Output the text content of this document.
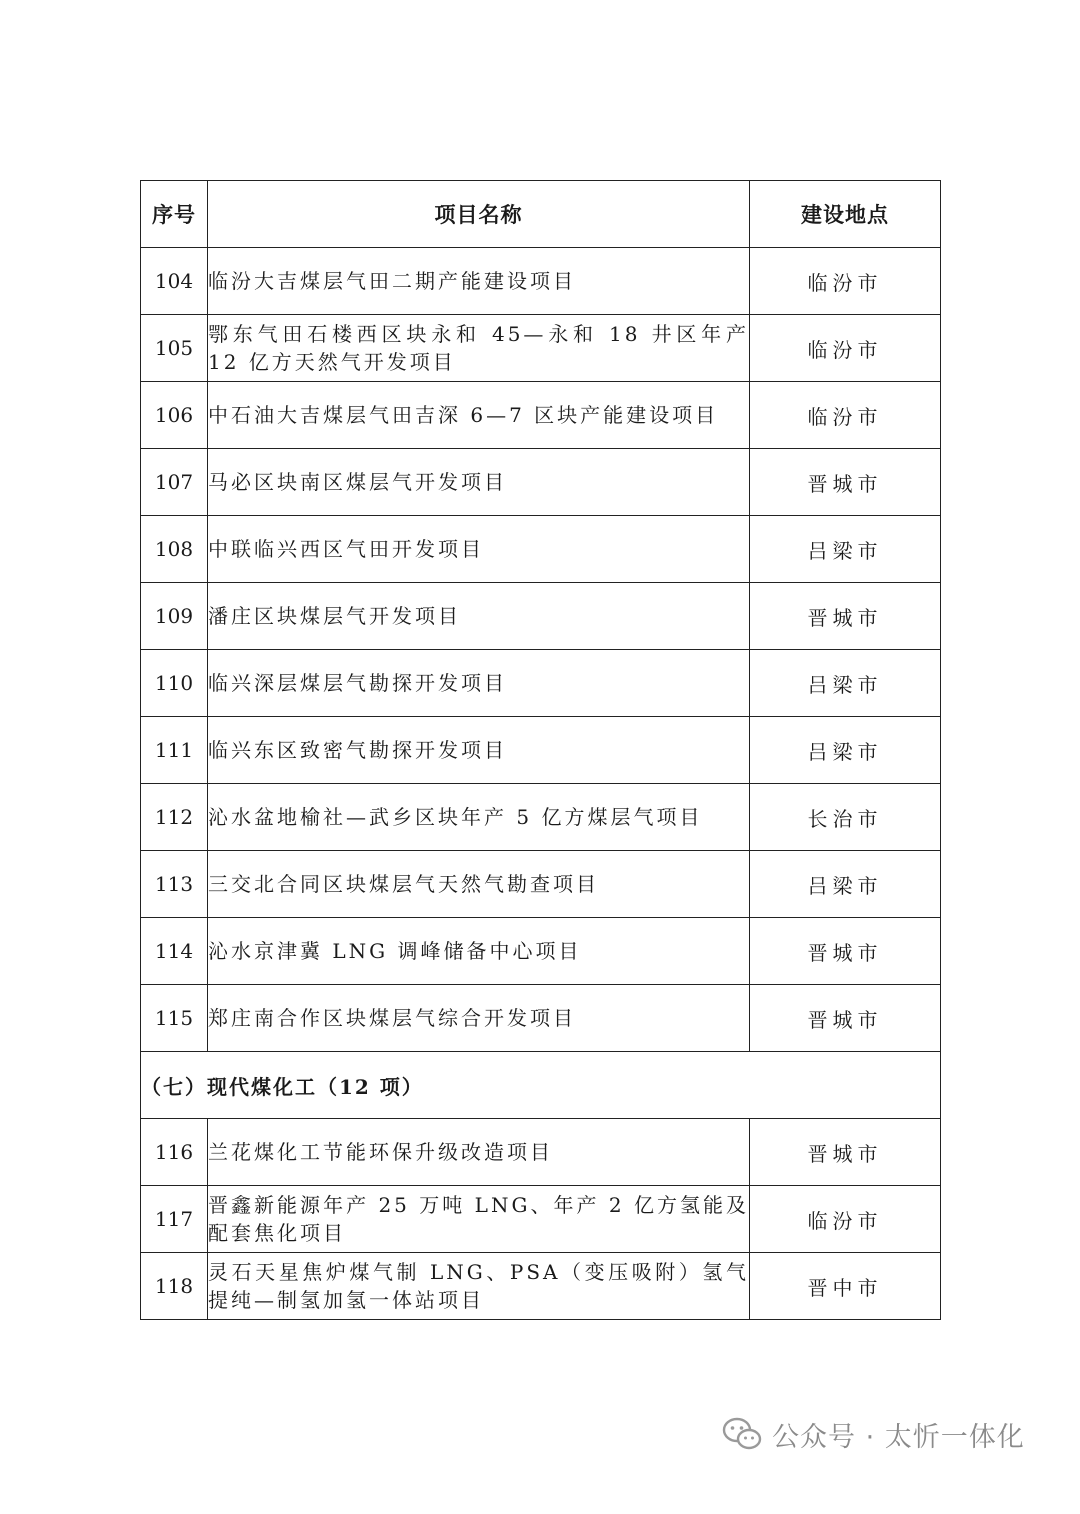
序号	项目名称	建设地点
104	临汾大吉煤层气田二期产能建设项目	临汾市
105	鄂东气田石楼西区块永和 45—永和 18 井区年产 12 亿方天然气开发项目	临汾市
106	中石油大吉煤层气田吉深 6—7 区块产能建设项目	临汾市
107	马必区块南区煤层气开发项目	晋城市
108	中联临兴西区气田开发项目	吕梁市
109	潘庄区块煤层气开发项目	晋城市
110	临兴深层煤层气勘探开发项目	吕梁市
111	临兴东区致密气勘探开发项目	吕梁市
112	沁水盆地榆社—武乡区块年产 5 亿方煤层气项目	长治市
113	三交北合同区块煤层气天然气勘查项目	吕梁市
114	沁水京津冀 LNG 调峰储备中心项目	晋城市
115	郑庄南合作区块煤层气综合开发项目	晋城市
（七）现代煤化工（12 项）		
116	兰花煤化工节能环保升级改造项目	晋城市
117	晋鑫新能源年产 25 万吨 LNG、年产 2 亿方氢能及配套焦化项目	临汾市
118	灵石天星焦炉煤气制 LNG、PSA（变压吸附）氢气提纯—制氢加氢一体站项目	晋中市
公众号 · 太忻一体化
